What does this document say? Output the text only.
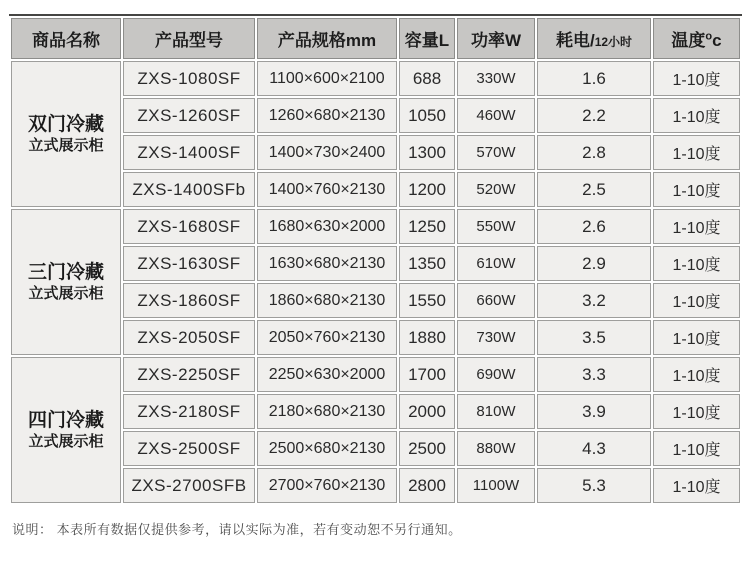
商品名称	产品型号	产品规格mm	容量L	功率W	耗电/12小时	温度$^o$c

双门冷藏
立式展示柜	ZXS-1080SF	1100×600×2100	688	330W	1.6	1-10度
	ZXS-1260SF	1260×680×2130	1050	460W	2.2	1-10度
	ZXS-1400SF	1400×730×2400	1300	570W	2.8	1-10度
	ZXS-1400SFb	1400×760×2130	1200	520W	2.5	1-10度

三门冷藏
立式展示柜	ZXS-1680SF	1680×630×2000	1250	550W	2.6	1-10度
	ZXS-1630SF	1630×680×2130	1350	610W	2.9	1-10度
	ZXS-1860SF	1860×680×2130	1550	660W	3.2	1-10度
	ZXS-2050SF	2050×760×2130	1880	730W	3.5	1-10度

四门冷藏
立式展示柜	ZXS-2250SF	2250×630×2000	1700	690W	3.3	1-10度
	ZXS-2180SF	2180×680×2130	2000	810W	3.9	1-10度
	ZXS-2500SF	2500×680×2130	2500	880W	4.3	1-10度
	ZXS-2700SFB	2700×760×2130	2800	1100W	5.3	1-10度
说明： 本表所有数据仅提供参考，请以实际为准，若有变动恕不另行通知。
